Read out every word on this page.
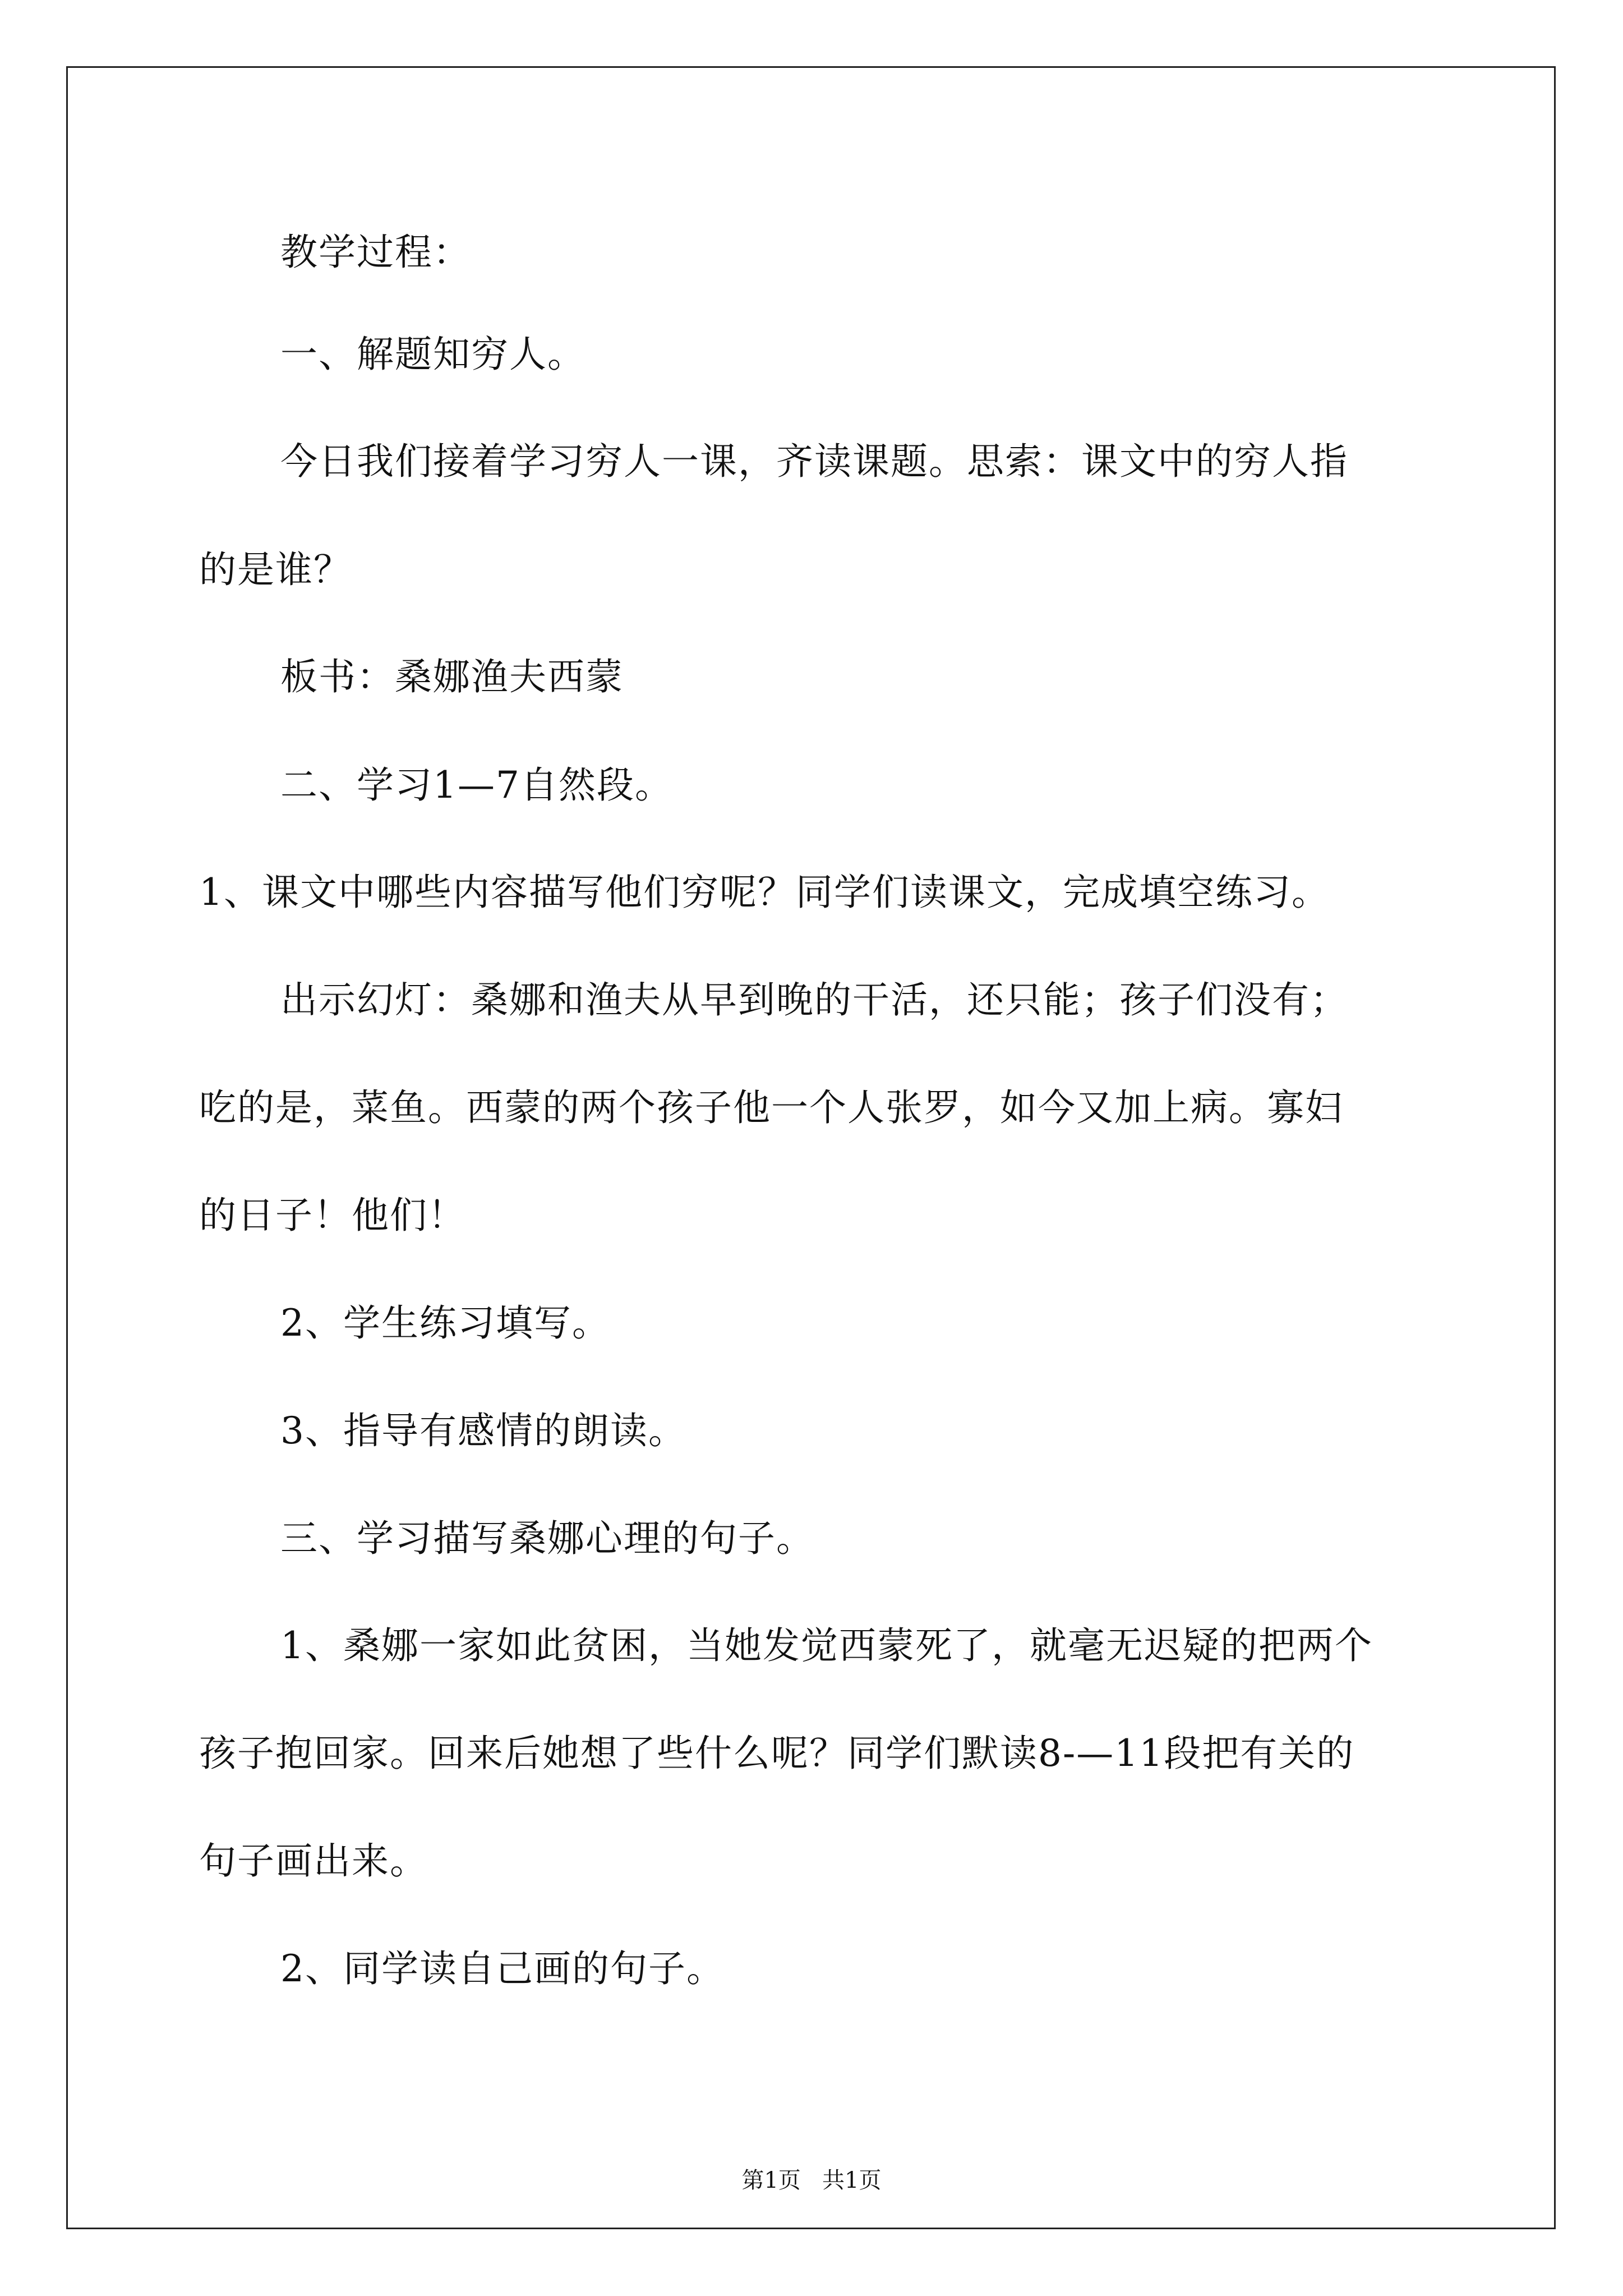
教学过程：
一、解题知穷人。
今日我们接着学习穷人一课，齐读课题。思索：课文中的穷人指
的是谁？
板书：桑娜渔夫西蒙
二、学习1—7自然段。
1、课文中哪些内容描写他们穷呢？同学们读课文，完成填空练习。
出示幻灯：桑娜和渔夫从早到晚的干活，还只能；孩子们没有；
吃的是，菜鱼。西蒙的两个孩子他一个人张罗，如今又加上病。寡妇
的日子！他们！
2、学生练习填写。
3、指导有感情的朗读。
三、学习描写桑娜心理的句子。
1、桑娜一家如此贫困，当她发觉西蒙死了，就毫无迟疑的把两个
孩子抱回家。回来后她想了些什么呢？同学们默读8-—11段把有关的
句子画出来。
2、同学读自己画的句子。
第1页   共1页
